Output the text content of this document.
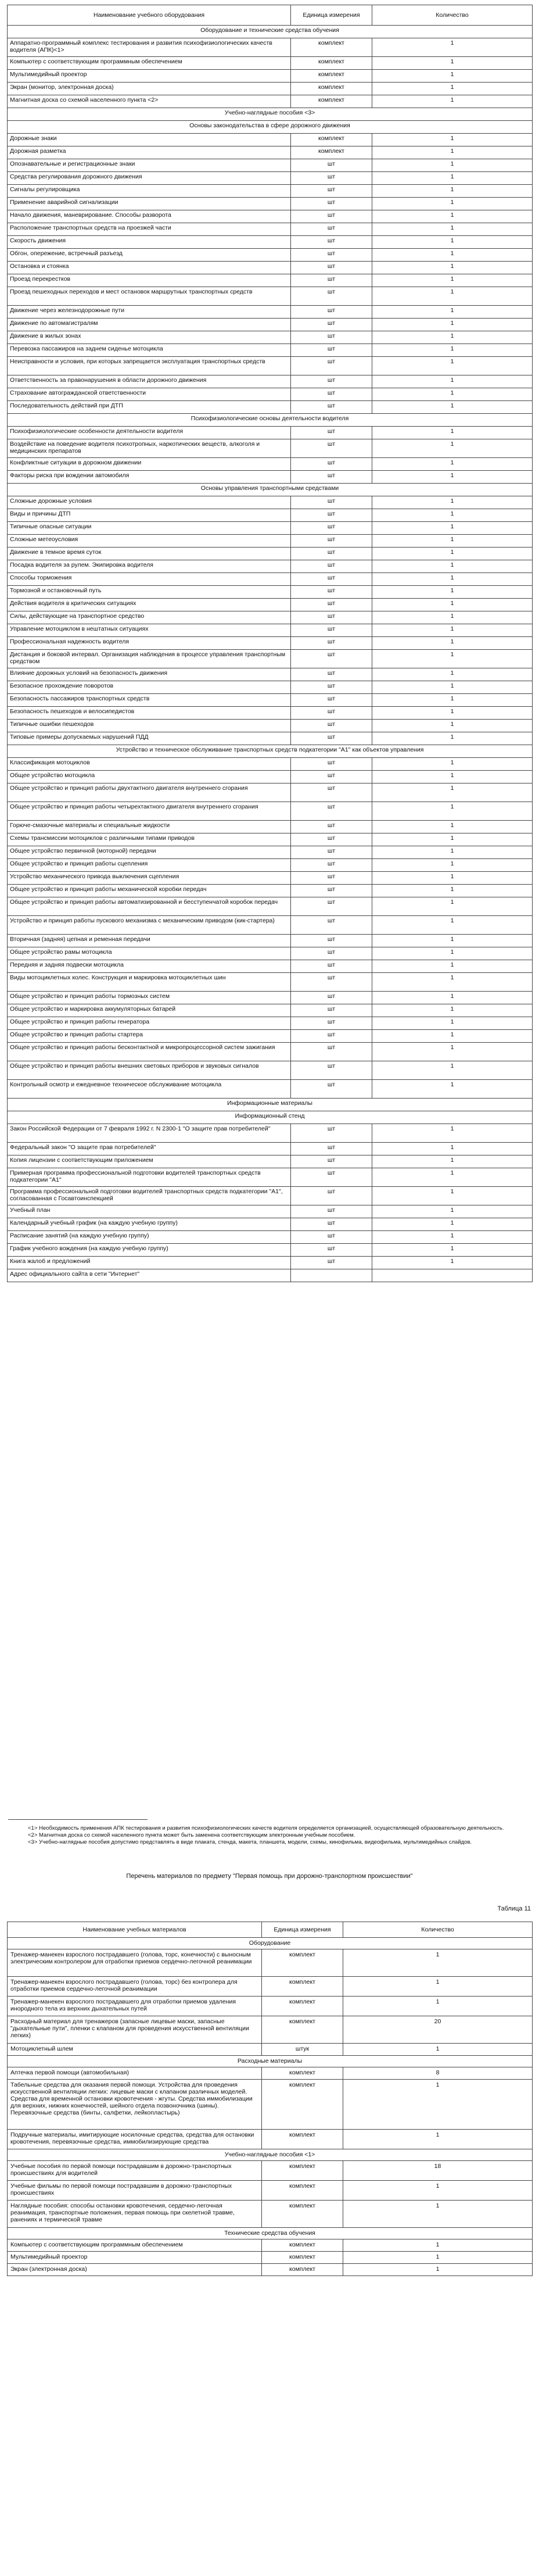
Наименование учебного оборудования	Единица измерения	Количество
Оборудование и технические средства обучения		
Аппаратно-программный комплекс тестирования и развития психофизиологических качеств водителя (АПК)<1>	комплект	1
Компьютер с соответствующим программным обеспечением	комплект	1
Мультимедийный проектор	комплект	1
Экран (монитор, электронная доска)	комплект	1
Магнитная доска со схемой населенного пункта <2>	комплект	1
Учебно-наглядные пособия <3>		
Основы законодательства в сфере дорожного движения		
Дорожные знаки	комплект	1
Дорожная разметка	комплект	1
Опознавательные и регистрационные знаки	шт	1
Средства регулирования дорожного движения	шт	1
Сигналы регулировщика	шт	1
Применение аварийной сигнализации	шт	1
Начало движения, маневрирование. Способы разворота	шт	1
Расположение транспортных средств на проезжей части	шт	1
Скорость движения	шт	1
Обгон, опережение, встречный разъезд	шт	1
Остановка и стоянка	шт	1
Проезд перекрестков	шт	1
Проезд пешеходных переходов и мест остановок маршрутных транспортных средств	шт	1
Движение через железнодорожные пути	шт	1
Движение по автомагистралям	шт	1
Движение в жилых зонах	шт	1
Перевозка пассажиров на заднем сиденье мотоцикла	шт	1
Неисправности и условия, при которых запрещается эксплуатация транспортных средств	шт	1
Ответственность за правонарушения в области дорожного движения	шт	1
Страхование автогражданской ответственности	шт	1
Последовательность действий при ДТП	шт	1
Психофизиологические основы деятельности водителя		
Психофизиологические особенности деятельности водителя	шт	1
Воздействие на поведение водителя психотропных, наркотических веществ, алкоголя и медицинских препаратов	шт	1
Конфликтные ситуации в дорожном движении	шт	1
Факторы риска при вождении автомобиля	шт	1
Основы управления транспортными средствами		
Сложные дорожные условия	шт	1
Виды и причины ДТП	шт	1
Типичные опасные ситуации	шт	1
Сложные метеоусловия	шт	1
Движение в темное время суток	шт	1
Посадка водителя за рулем. Экипировка водителя	шт	1
Способы торможения	шт	1
Тормозной и остановочный путь	шт	1
Действия водителя в критических ситуациях	шт	1
Силы, действующие на транспортное средство	шт	1
Управление мотоциклом в нештатных ситуациях	шт	1
Профессиональная надежность водителя	шт	1
Дистанция и боковой интервал. Организация наблюдения в процессе управления транспортным средством	шт	1
Влияние дорожных условий на безопасность движения	шт	1
Безопасное прохождение поворотов	шт	1
Безопасность пассажиров транспортных средств	шт	1
Безопасность пешеходов и велосипедистов	шт	1
Типичные ошибки пешеходов	шт	1
Типовые примеры допускаемых нарушений ПДД	шт	1
Устройство и техническое обслуживание транспортных средств подкатегории "A1" как объектов управления		
Классификация мотоциклов	шт	1
Общее устройство мотоцикла	шт	1
Общее устройство и принцип работы двухтактного двигателя внутреннего сгорания	шт	1
Общее устройство и принцип работы четырехтактного двигателя внутреннего сгорания	шт	1
Горюче-смазочные материалы и специальные жидкости	шт	1
Схемы трансмиссии мотоциклов с различными типами приводов	шт	1
Общее устройство первичной (моторной) передачи	шт	1
Общее устройство и принцип работы сцепления	шт	1
Устройство механического привода выключения сцепления	шт	1
Общее устройство и принцип работы механической коробки передач	шт	1
Общее устройство и принцип работы автоматизированной и бесступенчатой коробок передач	шт	1
Устройство и принцип работы пускового механизма с механическим приводом (кик-стартера)	шт	1
Вторичная (задняя) цепная и ременная передачи	шт	1
Общее устройство рамы мотоцикла	шт	1
Передняя и задняя подвески мотоцикла	шт	1
Виды мотоциклетных колес. Конструкция и маркировка мотоциклетных шин	шт	1
Общее устройство и принцип работы тормозных систем	шт	1
Общее устройство и маркировка аккумуляторных батарей	шт	1
Общее устройство и принцип работы генератора	шт	1
Общее устройство и принцип работы стартера	шт	1
Общее устройство и принцип работы бесконтактной и микропроцессорной систем зажигания	шт	1
Общее устройство и принцип работы внешних световых приборов и звуковых сигналов	шт	1
Контрольный осмотр и ежедневное техническое обслуживание мотоцикла	шт	1
Информационные материалы		
Информационный стенд		
Закон Российской Федерации от 7 февраля 1992 г. N 2300-1 "О защите прав потребителей"	шт	1
Федеральный закон "О защите прав потребителей"	шт	1
Копия лицензии с соответствующим приложением	шт	1
Примерная программа профессиональной подготовки водителей транспортных средств подкатегории "A1"	шт	1
Программа профессиональной подготовки водителей транспортных средств подкатегории "A1", согласованная с Госавтоинспекцией	шт	1
Учебный план	шт	1
Календарный учебный график (на каждую учебную группу)	шт	1
Расписание занятий (на каждую учебную группу)	шт	1
График учебного вождения (на каждую учебную группу)	шт	1
Книга жалоб и предложений	шт	1
Адрес официального сайта в сети "Интернет"		

<1> Необходимость применения АПК тестирования и развития психофизиологических качеств водителя определяется организацией, осуществляющей образовательную деятельность.

<2> Магнитная доска со схемой населенного пункта может быть заменена соответствующим электронным учебным пособием.

<3> Учебно-наглядные пособия допустимо представлять в виде плаката, стенда, макета, планшета, модели, схемы, кинофильма, видеофильма, мультимедийных слайдов.

Перечень материалов по предмету "Первая помощь при дорожно-транспортном происшествии"
Таблица 11
Наименование учебных материалов	Единица измерения	Количество
Оборудование		
Тренажер-манекен взрослого пострадавшего (голова, торс, конечности) с выносным электрическим контролером для отработки приемов сердечно-легочной реанимации	комплект	1
Тренажер-манекен взрослого пострадавшего (голова, торс) без контролера для отработки приемов сердечно-легочной реанимации	комплект	1
Тренажер-манекен взрослого пострадавшего для отработки приемов удаления инородного тела из верхних дыхательных путей	комплект	1
Расходный материал для тренажеров (запасные лицевые маски, запасные "дыхательные пути", пленки с клапаном для проведения искусственной вентиляции легких)	комплект	20
Мотоциклетный шлем	штук	1
Расходные материалы		
Аптечка первой помощи (автомобильная)	комплект	8
Табельные средства для оказания первой помощи. Устройства для проведения искусственной вентиляции легких: лицевые маски с клапаном различных моделей. Средства для временной остановки кровотечения - жгуты. Средства иммобилизации для верхних, нижних конечностей, шейного отдела позвоночника (шины). Перевязочные средства (бинты, салфетки, лейкопластырь)	комплект	1
Подручные материалы, имитирующие носилочные средства, средства для остановки кровотечения, перевязочные средства, иммобилизирующие средства	комплект	1
Учебно-наглядные пособия <1>		
Учебные пособия по первой помощи пострадавшим в дорожно-транспортных происшествиях для водителей	комплект	18
Учебные фильмы по первой помощи пострадавшим в дорожно-транспортных происшествиях	комплект	1
Наглядные пособия: способы остановки кровотечения, сердечно-легочная реанимация, транспортные положения, первая помощь при скелетной травме, ранениях и термической травме	комплект	1
Технические средства обучения		
Компьютер с соответствующим программным обеспечением	комплект	1
Мультимедийный проектор	комплект	1
Экран (электронная доска)	комплект	1
